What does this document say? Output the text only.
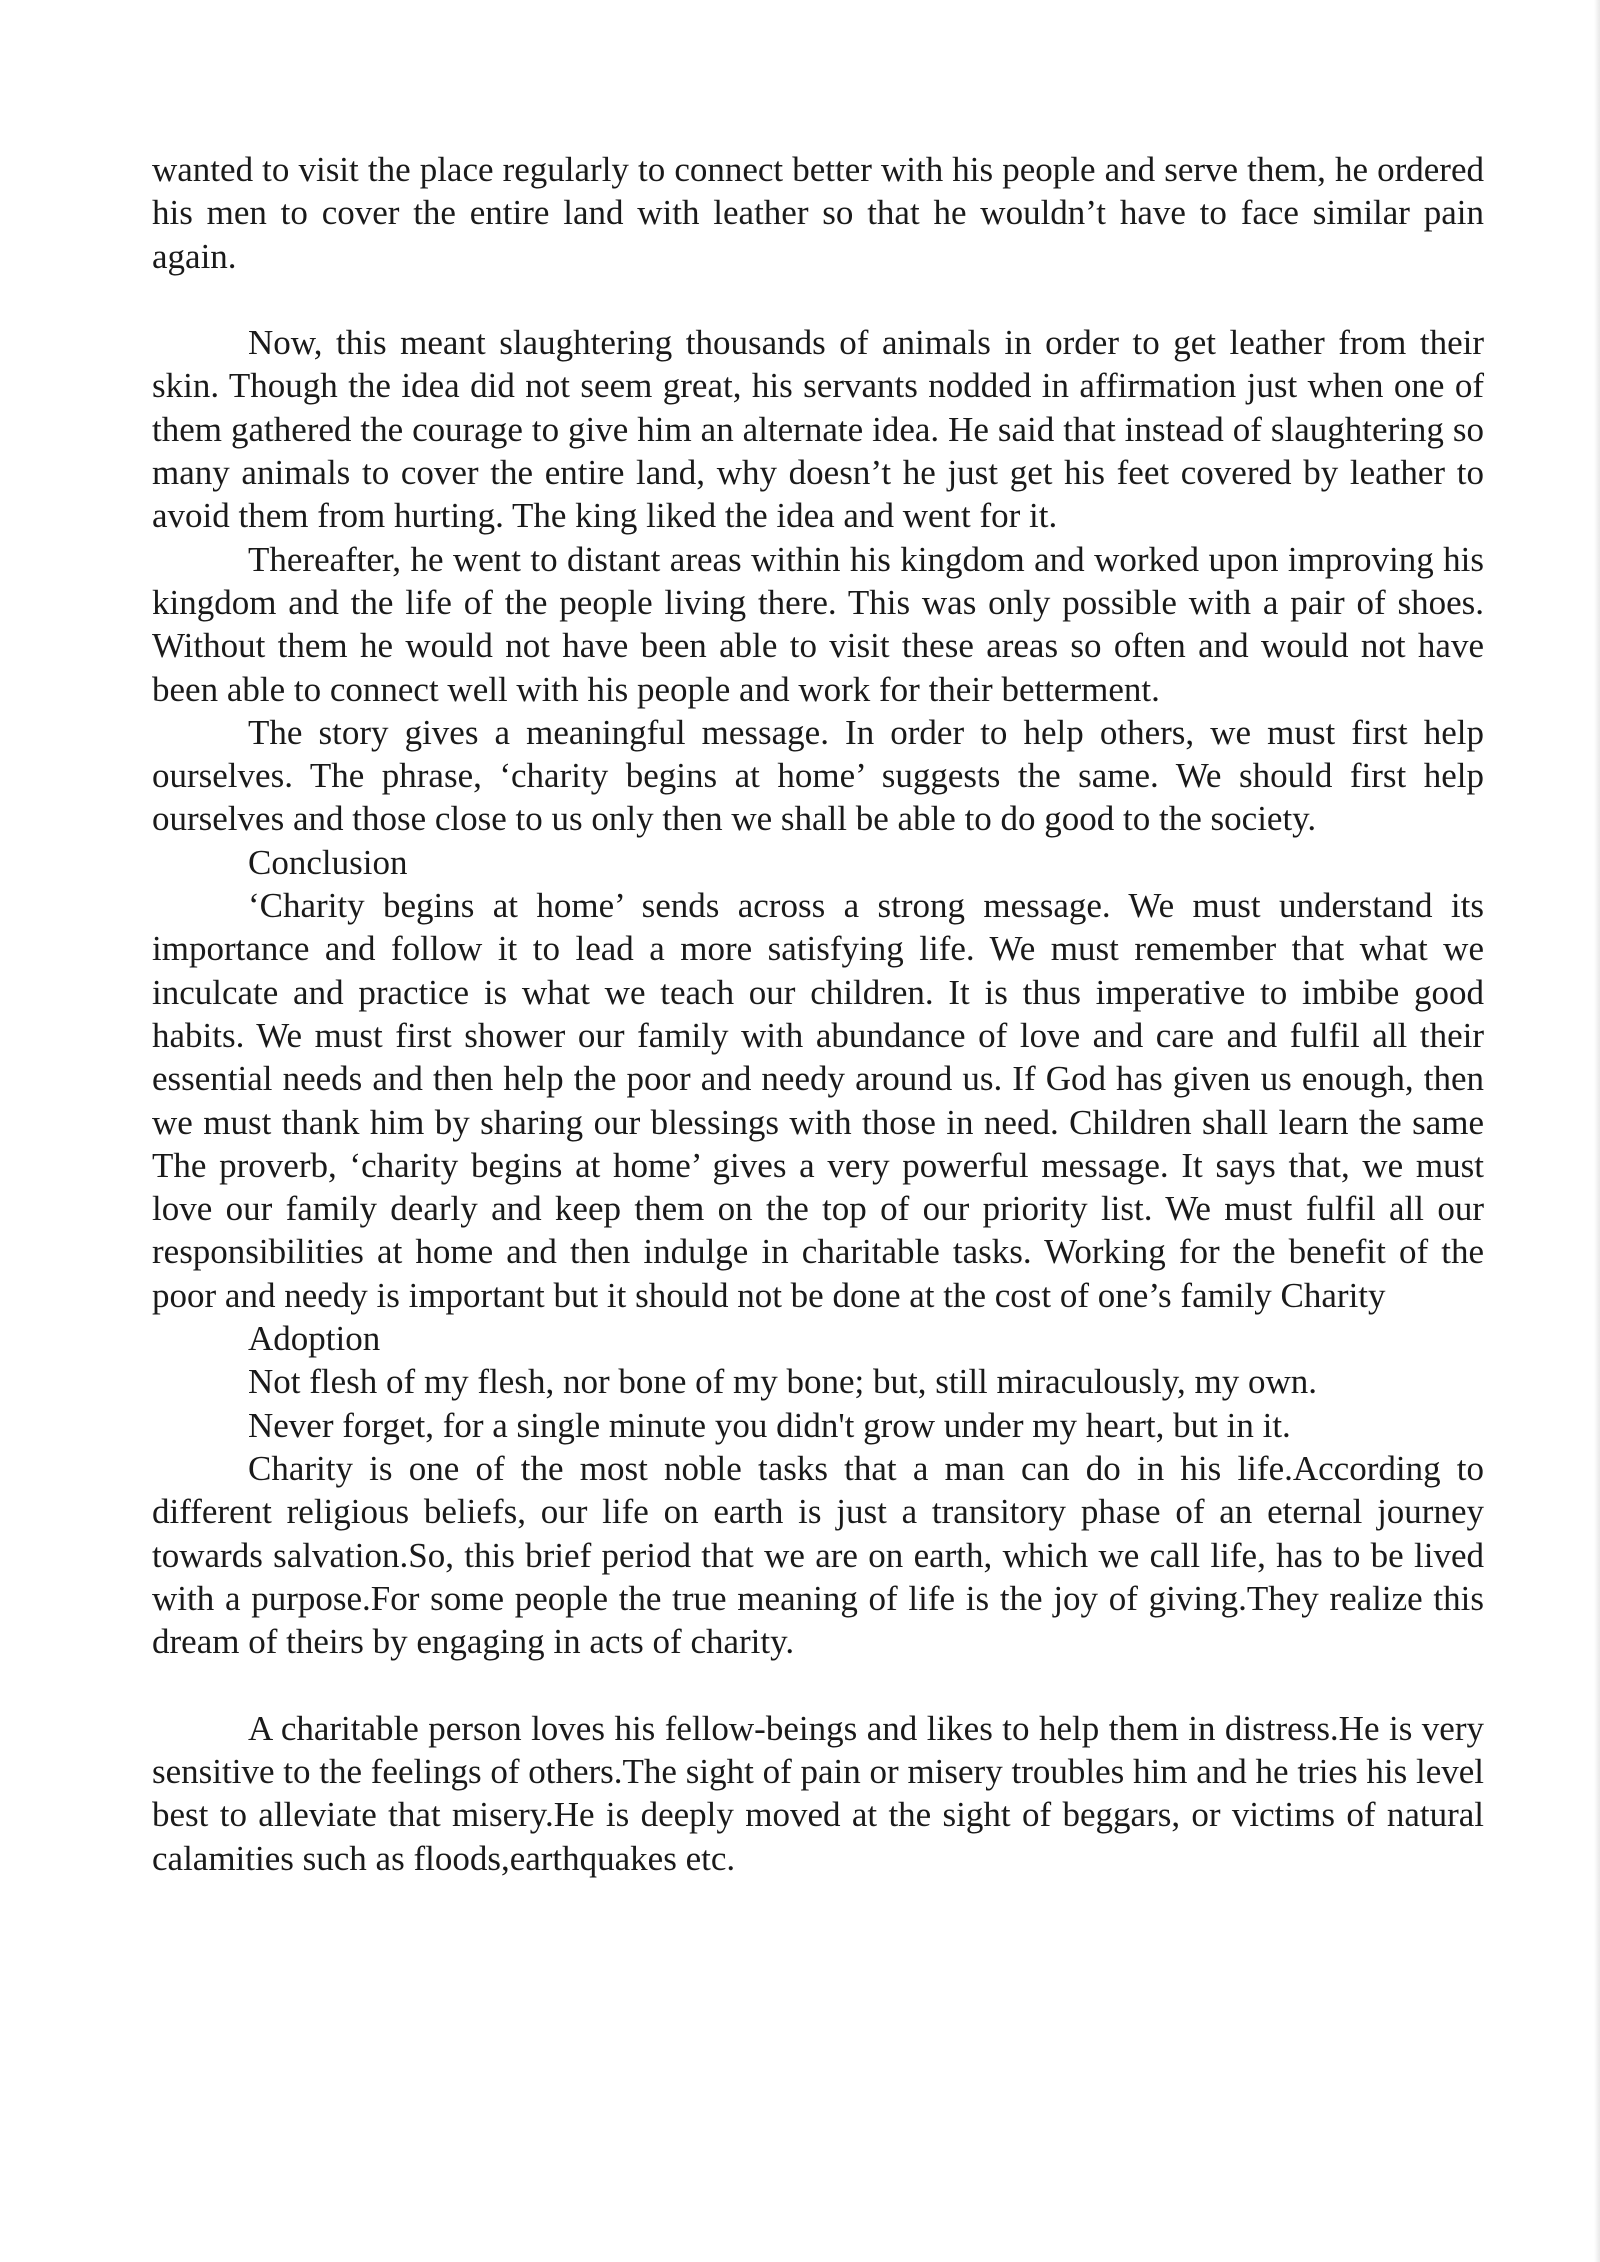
wanted to visit the place regularly to connect better with his people and serve them, he ordered his men to cover the entire land with leather so that he wouldn’t have to face similar pain again.

Now, this meant slaughtering thousands of animals in order to get leather from their skin. Though the idea did not seem great, his servants nodded in affirmation just when one of them gathered the courage to give him an alternate idea. He said that instead of slaughtering so many animals to cover the entire land, why doesn’t he just get his feet covered by leather to avoid them from hurting. The king liked the idea and went for it.

Thereafter, he went to distant areas within his kingdom and worked upon improving his kingdom and the life of the people living there. This was only possible with a pair of shoes. Without them he would not have been able to visit these areas so often and would not have been able to connect well with his people and work for their betterment.

The story gives a meaningful message. In order to help others, we must first help ourselves. The phrase, ‘charity begins at home’ suggests the same. We should first help ourselves and those close to us only then we shall be able to do good to the society.

Conclusion

‘Charity begins at home’ sends across a strong message. We must understand its importance and follow it to lead a more satisfying life. We must remember that what we inculcate and practice is what we teach our children. It is thus imperative to imbibe good habits. We must first shower our family with abundance of love and care and fulfil all their essential needs and then help the poor and needy around us. If God has given us enough, then we must thank him by sharing our blessings with those in need. Children shall learn the same The proverb, ‘charity begins at home’ gives a very powerful message. It says that, we must love our family dearly and keep them on the top of our priority list. We must fulfil all our responsibilities at home and then indulge in charitable tasks. Working for the benefit of the poor and needy is important but it should not be done at the cost of one’s family Charity

Adoption

Not flesh of my flesh, nor bone of my bone; but, still miraculously, my own.

Never forget, for a single minute you didn't grow under my heart, but in it.

Charity is one of the most noble tasks that a man can do in his life.According to different religious beliefs, our life on earth is just a transitory phase of an eternal journey towards salvation.So, this brief period that we are on earth, which we call life, has to be lived with a purpose.For some people the true meaning of life is the joy of giving.They realize this dream of theirs by engaging in acts of charity.

A charitable person loves his fellow-beings and likes to help them in distress.He is very sensitive to the feelings of others.The sight of pain or misery troubles him and he tries his level best to alleviate that misery.He is deeply moved at the sight of beggars, or victims of natural calamities such as floods,earthquakes etc.
